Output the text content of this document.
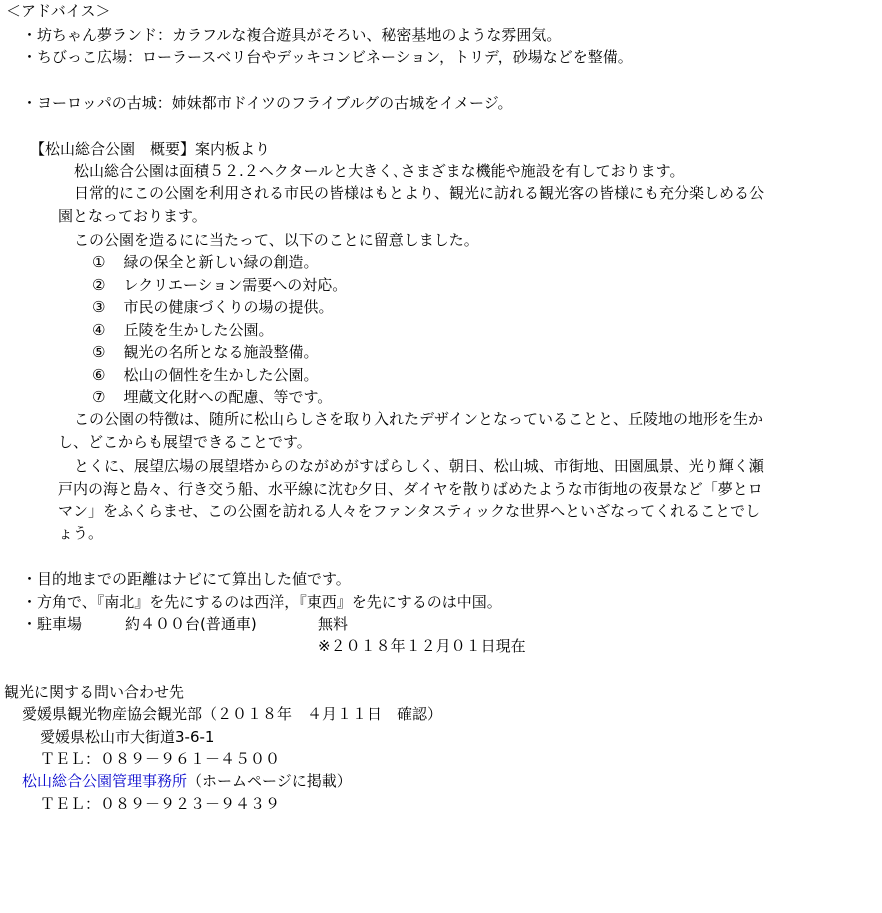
＜アドバイス＞
・坊ちゃん夢ランド：カラフルな複合遊具がそろい、秘密基地のような雰囲気。
・ちびっこ広場：ローラースベリ台やデッキコンビネーション，トリデ，砂場などを整備。
・ヨーロッパの古城：姉妹都市ドイツのフライブルグの古城をイメージ。
【松山総合公園　概要】案内板より
松山総合公園は面積５２.２ヘクタールと大きく､さまざまな機能や施設を有しております。
日常的にこの公園を利用される市民の皆様はもとより、観光に訪れる観光客の皆様にも充分楽しめる公
園となっております。
この公園を造るにに当たって、以下のことに留意しました。
① 緑の保全と新しい緑の創造。
② レクリエーション需要への対応。
③ 市民の健康づくりの場の提供。
④ 丘陵を生かした公園。
⑤ 観光の名所となる施設整備。
⑥ 松山の個性を生かした公園。
⑦ 埋蔵文化財への配慮、等です。
この公園の特徴は、随所に松山らしさを取り入れたデザインとなっていることと、丘陵地の地形を生か
し、どこからも展望できることです。
とくに、展望広場の展望塔からのながめがすばらしく、朝日、松山城、市街地、田園風景、光り輝く瀬
戸内の海と島々、行き交う船、水平線に沈む夕日、ダイヤを散りばめたような市街地の夜景など「夢とロ
マン」をふくらませ、この公園を訪れる人々をファンタスティックな世界へといざなってくれることでし
ょう。
・目的地までの距離はナビにて算出した値です。
・方角で、『南北』を先にするのは西洋，『東西』を先にするのは中国。
・駐車場	約４００台(普通車)	無料
※２０１８年１２月０１日現在
観光に関する問い合わせ先
愛媛県観光物産協会観光部（２０１８年　４月１１日　確認）
愛媛県松山市大街道3-6-1
ＴＥＬ：０８９－９６１－４５００
松山総合公園管理事務所（ホームページに掲載）
ＴＥＬ：０８９－９２３－９４３９
